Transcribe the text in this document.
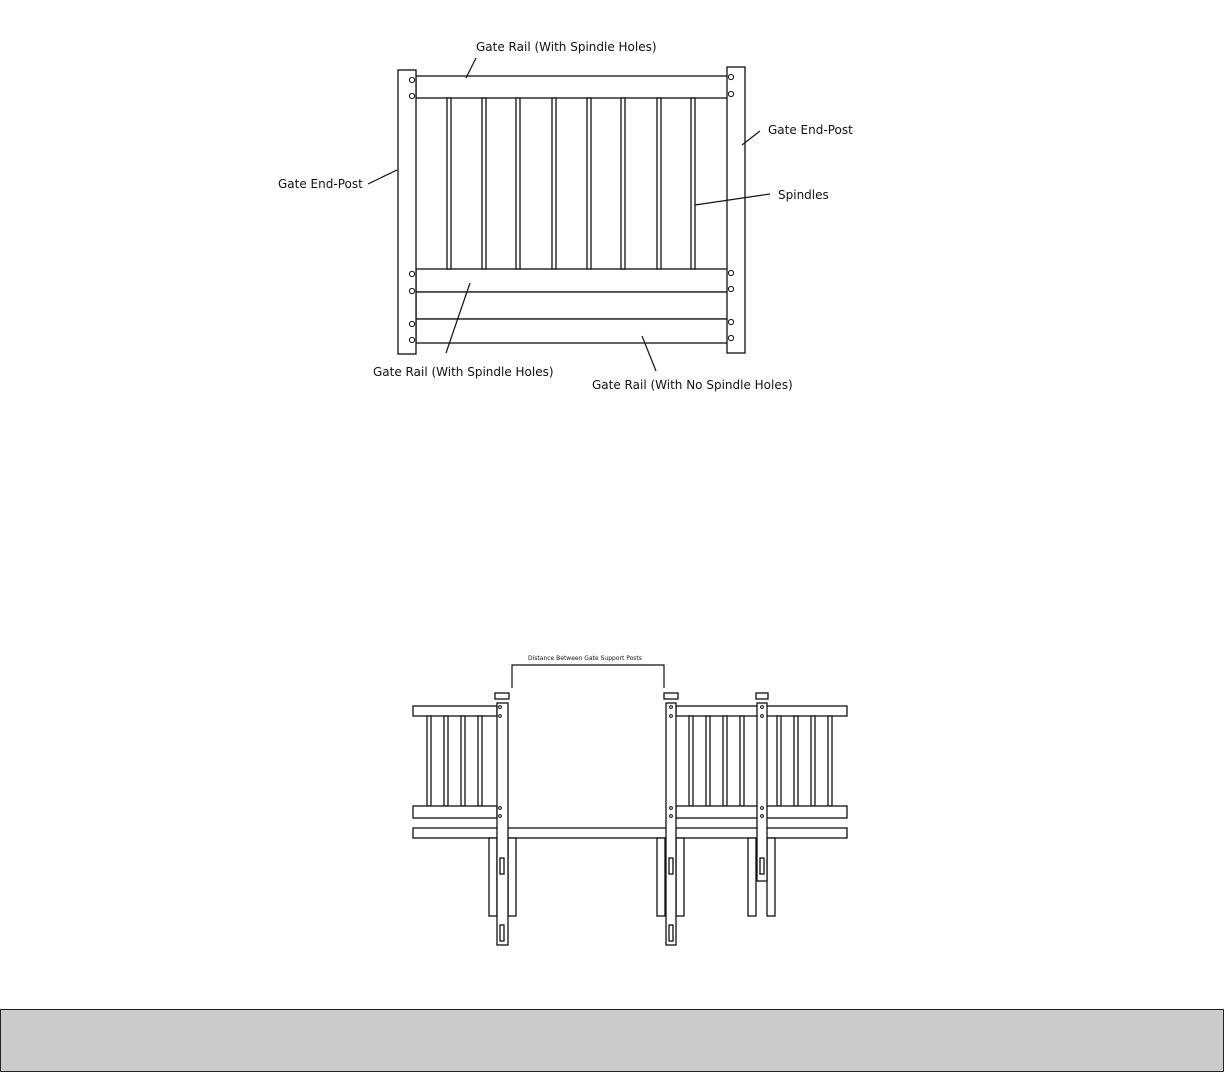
Gate Rail (With Spindle Holes)
Gate End-Post
Gate End-Post
Spindles
Gate Rail (With Spindle Holes)
Gate Rail (With No Spindle Holes)
Distance Between Gate Support Posts
